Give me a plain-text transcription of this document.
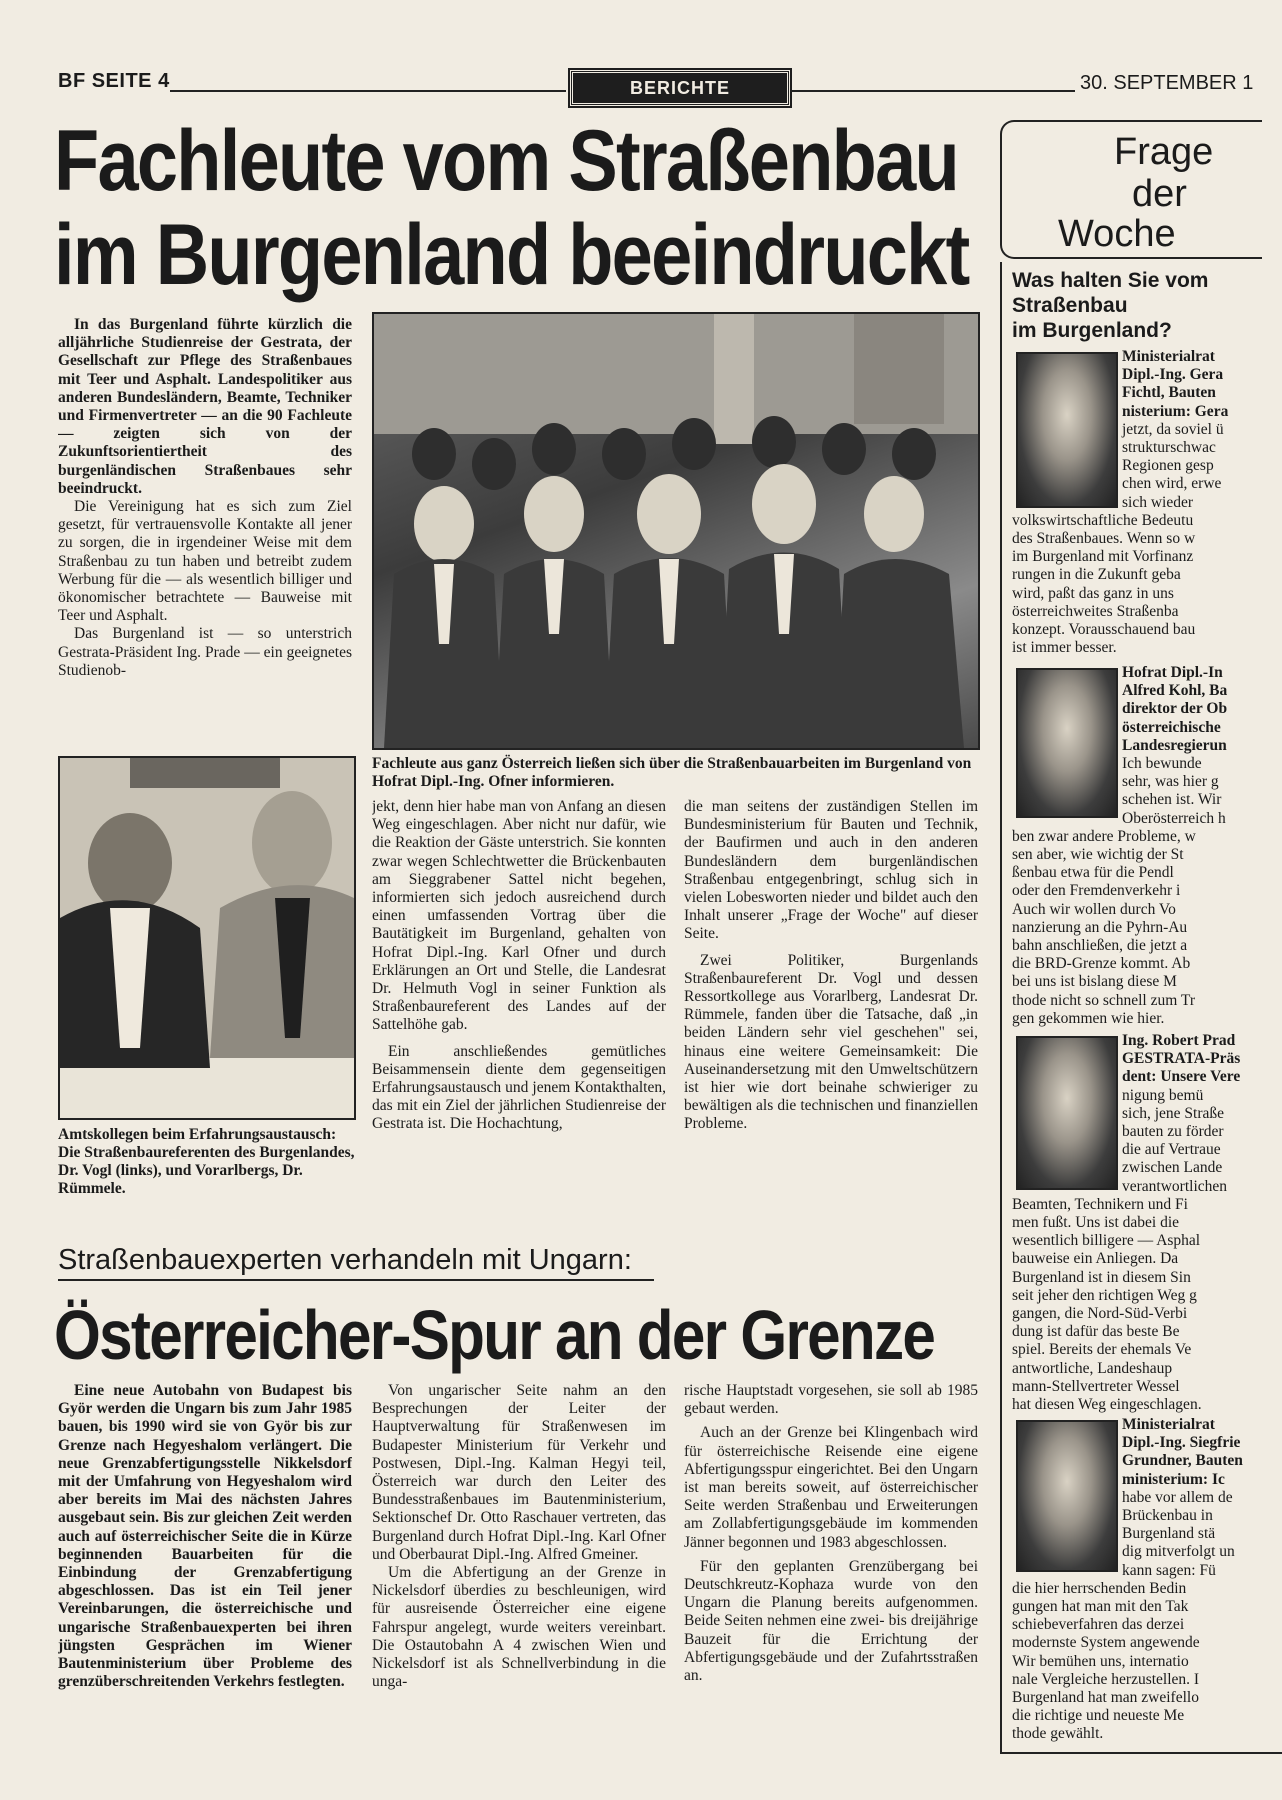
BF SEITE 4	BERICHTE	30. SEPTEMBER 1
Fachleute vom Straßenbau
im Burgenland beeindruckt

In das Burgenland führte kürzlich die alljährliche Studienreise der Gestrata, der Gesellschaft zur Pflege des Straßenbaues mit Teer und Asphalt. Landespolitiker aus anderen Bundesländern, Beamte, Techniker und Firmenvertreter — an die 90 Fachleute — zeigten sich von der Zukunftsorientiertheit des burgenländischen Straßenbaues sehr beeindruckt.

Die Vereinigung hat es sich zum Ziel gesetzt, für vertrauensvolle Kontakte all jener zu sorgen, die in irgendeiner Weise mit dem Straßenbau zu tun haben und betreibt zudem Werbung für die — als wesentlich billiger und ökonomischer betrachtete — Bauweise mit Teer und Asphalt.

Das Burgenland ist — so unterstrich Gestrata-Präsident Ing. Prade — ein geeignetes Studienob-

Fachleute aus ganz Österreich ließen sich über die Straßenbauarbeiten im Burgenland von Hofrat Dipl.-Ing. Ofner informieren.
Amtskollegen beim Erfahrungsaustausch: Die Straßenbaureferenten des Burgenlandes, Dr. Vogl (links), und Vorarlbergs, Dr. Rümmele.

jekt, denn hier habe man von Anfang an diesen Weg eingeschlagen. Aber nicht nur dafür, wie die Reaktion der Gäste unterstrich. Sie konnten zwar wegen Schlechtwetter die Brückenbauten am Sieggrabener Sattel nicht begehen, informierten sich jedoch ausreichend durch einen umfassenden Vortrag über die Bautätigkeit im Burgenland, gehalten von Hofrat Dipl.-Ing. Karl Ofner und durch Erklärungen an Ort und Stelle, die Landesrat Dr. Helmuth Vogl in seiner Funktion als Straßenbaureferent des Landes auf der Sattelhöhe gab.

Ein anschließendes gemütliches Beisammensein diente dem gegenseitigen Erfahrungsaustausch und jenem Kontakthalten, das mit ein Ziel der jährlichen Studienreise der Gestrata ist. Die Hochachtung,

die man seitens der zuständigen Stellen im Bundesministerium für Bauten und Technik, der Baufirmen und auch in den anderen Bundesländern dem burgenländischen Straßenbau entgegenbringt, schlug sich in vielen Lobesworten nieder und bildet auch den Inhalt unserer „Frage der Woche" auf dieser Seite.

Zwei Politiker, Burgenlands Straßenbaureferent Dr. Vogl und dessen Ressortkollege aus Vorarlberg, Landesrat Dr. Rümmele, fanden über die Tatsache, daß „in beiden Ländern sehr viel geschehen" sei, hinaus eine weitere Gemeinsamkeit: Die Auseinandersetzung mit den Umweltschützern ist hier wie dort beinahe schwieriger zu bewältigen als die technischen und finanziellen Probleme.

Straßenbauexperten verhandeln mit Ungarn:
Österreicher-Spur an der Grenze

Eine neue Autobahn von Budapest bis Györ werden die Ungarn bis zum Jahr 1985 bauen, bis 1990 wird sie von Györ bis zur Grenze nach Hegyeshalom verlängert. Die neue Grenzabfertigungsstelle Nikkelsdorf mit der Umfahrung von Hegyeshalom wird aber bereits im Mai des nächsten Jahres ausgebaut sein. Bis zur gleichen Zeit werden auch auf österreichischer Seite die in Kürze beginnenden Bauarbeiten für die Einbindung der Grenzabfertigung abgeschlossen. Das ist ein Teil jener Vereinbarungen, die österreichische und ungarische Straßenbauexperten bei ihren jüngsten Gesprächen im Wiener Bautenministerium über Probleme des grenzüberschreitenden Verkehrs festlegten.

Von ungarischer Seite nahm an den Besprechungen der Leiter der Hauptverwaltung für Straßenwesen im Budapester Ministerium für Verkehr und Postwesen, Dipl.-Ing. Kalman Hegyi teil, Österreich war durch den Leiter des Bundesstraßenbaues im Bautenministerium, Sektionschef Dr. Otto Raschauer vertreten, das Burgenland durch Hofrat Dipl.-Ing. Karl Ofner und Oberbaurat Dipl.-Ing. Alfred Gmeiner.

Um die Abfertigung an der Grenze in Nickelsdorf überdies zu beschleunigen, wird für ausreisende Österreicher eine eigene Fahrspur angelegt, wurde weiters vereinbart. Die Ostautobahn A 4 zwischen Wien und Nickelsdorf ist als Schnellverbindung in die unga-

rische Hauptstadt vorgesehen, sie soll ab 1985 gebaut werden.

Auch an der Grenze bei Klingenbach wird für österreichische Reisende eine eigene Abfertigungsspur eingerichtet. Bei den Ungarn ist man bereits soweit, auf österreichischer Seite werden Straßenbau und Erweiterungen am Zollabfertigungsgebäude im kommenden Jänner begonnen und 1983 abgeschlossen.

Für den geplanten Grenzübergang bei Deutschkreutz-Kophaza wurde von den Ungarn die Planung bereits aufgenommen. Beide Seiten nehmen eine zwei- bis dreijährige Bauzeit für die Errichtung der Abfertigungsgebäude und der Zufahrtsstraßen an.

Frage
der
Woche
Was halten Sie vom
Straßenbau
im Burgenland?

Ministerialrat

Dipl.-Ing. Gera

Fichtl, Bauten

nisterium: Gera

jetzt, da soviel ü

strukturschwac

Regionen gesp

chen wird, erwe

sich wieder

volkswirtschaftliche Bedeutu

des Straßenbaues. Wenn so w

im Burgenland mit Vorfinanz

rungen in die Zukunft geba

wird, paßt das ganz in uns

österreichweites Straßenba

konzept. Vorausschauend bau

ist immer besser.

Hofrat Dipl.-In

Alfred Kohl, Ba

direktor der Ob

österreichische

Landesregierun

Ich bewunde

sehr, was hier g

schehen ist. Wir

Oberösterreich h

ben zwar andere Probleme, w

sen aber, wie wichtig der St

ßenbau etwa für die Pendl

oder den Fremdenverkehr i

Auch wir wollen durch Vo

nanzierung an die Pyhrn-Au

bahn anschließen, die jetzt a

die BRD-Grenze kommt. Ab

bei uns ist bislang diese M

thode nicht so schnell zum Tr

gen gekommen wie hier.

Ing. Robert Prad

GESTRATA-Präs

dent: Unsere Vere

nigung bemü

sich, jene Straße

bauten zu förder

die auf Vertraue

zwischen Lande

verantwortlichen

Beamten, Technikern und Fi

men fußt. Uns ist dabei die

wesentlich billigere — Asphal

bauweise ein Anliegen. Da

Burgenland ist in diesem Sin

seit jeher den richtigen Weg g

gangen, die Nord-Süd-Verbi

dung ist dafür das beste Be

spiel. Bereits der ehemals Ve

antwortliche, Landeshaup

mann-Stellvertreter Wessel

hat diesen Weg eingeschlagen.

Ministerialrat

Dipl.-Ing. Siegfrie

Grundner, Bauten

ministerium: Ic

habe vor allem de

Brückenbau in

Burgenland stä

dig mitverfolgt un

kann sagen: Fü

die hier herrschenden Bedin

gungen hat man mit den Tak

schiebeverfahren das derzei

modernste System angewende

Wir bemühen uns, internatio

nale Vergleiche herzustellen. I

Burgenland hat man zweifello

die richtige und neueste Me

thode gewählt.
